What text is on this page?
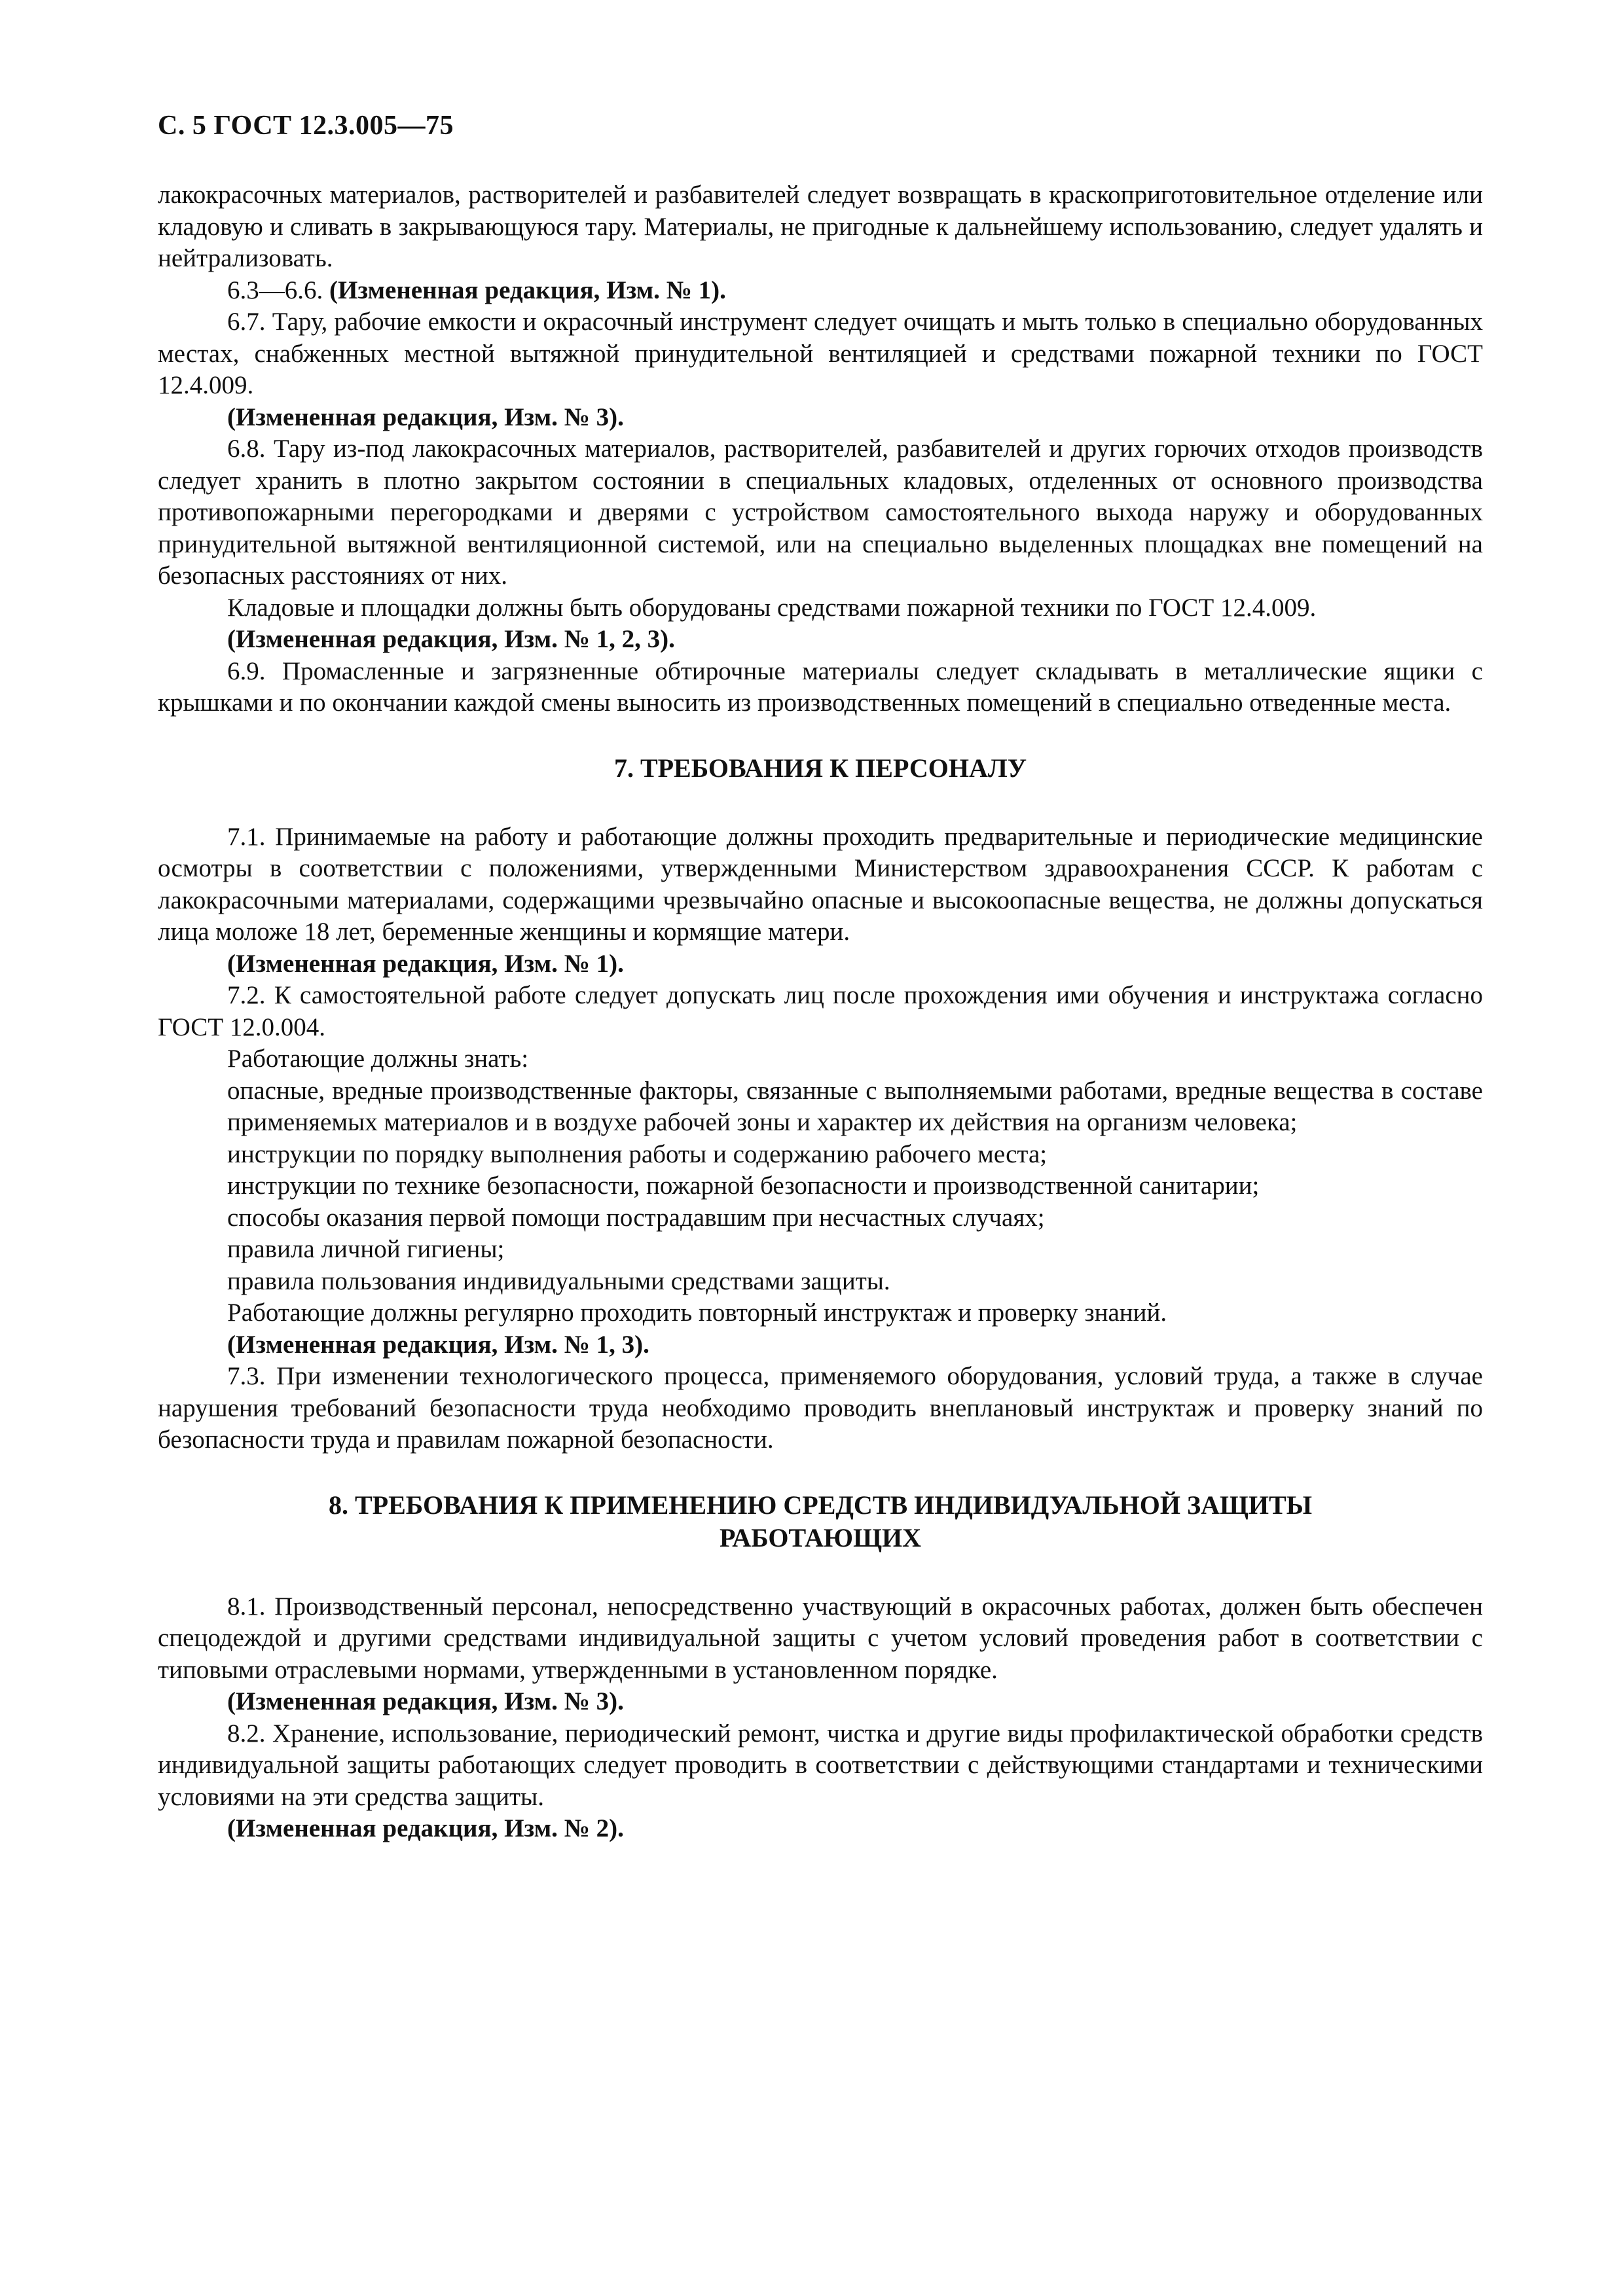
С. 5 ГОСТ 12.3.005—75

лакокрасочных материалов, растворителей и разбавителей следует возвращать в краскоприготовительное отделение или кладовую и сливать в закрывающуюся тару. Материалы, не пригодные к дальнейшему использованию, следует удалять и нейтрализовать.

6.3—6.6. (Измененная редакция, Изм. № 1).

6.7. Тару, рабочие емкости и окрасочный инструмент следует очищать и мыть только в специально оборудованных местах, снабженных местной вытяжной принудительной вентиляцией и средствами пожарной техники по ГОСТ 12.4.009.

(Измененная редакция, Изм. № 3).

6.8. Тару из-под лакокрасочных материалов, растворителей, разбавителей и других горючих отходов производств следует хранить в плотно закрытом состоянии в специальных кладовых, отделенных от основного производства противопожарными перегородками и дверями с устройством самостоятельного выхода наружу и оборудованных принудительной вытяжной вентиляционной системой, или на специально выделенных площадках вне помещений на безопасных расстояниях от них.

Кладовые и площадки должны быть оборудованы средствами пожарной техники по ГОСТ 12.4.009.

(Измененная редакция, Изм. № 1, 2, 3).

6.9. Промасленные и загрязненные обтирочные материалы следует складывать в металлические ящики с крышками и по окончании каждой смены выносить из производственных помещений в специально отведенные места.

7. ТРЕБОВАНИЯ К ПЕРСОНАЛУ

7.1. Принимаемые на работу и работающие должны проходить предварительные и периодические медицинские осмотры в соответствии с положениями, утвержденными Министерством здравоохранения СССР. К работам с лакокрасочными материалами, содержащими чрезвычайно опасные и высокоопасные вещества, не должны допускаться лица моложе 18 лет, беременные женщины и кормящие матери.

(Измененная редакция, Изм. № 1).

7.2. К самостоятельной работе следует допускать лиц после прохождения ими обучения и инструктажа согласно ГОСТ 12.0.004.

Работающие должны знать:

опасные, вредные производственные факторы, связанные с выполняемыми работами, вредные вещества в составе применяемых материалов и в воздухе рабочей зоны и характер их действия на организм человека;

инструкции по порядку выполнения работы и содержанию рабочего места;

инструкции по технике безопасности, пожарной безопасности и производственной санитарии;

способы оказания первой помощи пострадавшим при несчастных случаях;

правила личной гигиены;

правила пользования индивидуальными средствами защиты.

Работающие должны регулярно проходить повторный инструктаж и проверку знаний.

(Измененная редакция, Изм. № 1, 3).

7.3. При изменении технологического процесса, применяемого оборудования, условий труда, а также в случае нарушения требований безопасности труда необходимо проводить внеплановый инструктаж и проверку знаний по безопасности труда и правилам пожарной безопасности.

8. ТРЕБОВАНИЯ К ПРИМЕНЕНИЮ СРЕДСТВ ИНДИВИДУАЛЬНОЙ ЗАЩИТЫ
РАБОТАЮЩИХ

8.1. Производственный персонал, непосредственно участвующий в окрасочных работах, должен быть обеспечен спецодеждой и другими средствами индивидуальной защиты с учетом условий проведения работ в соответствии с типовыми отраслевыми нормами, утвержденными в установленном порядке.

(Измененная редакция, Изм. № 3).

8.2. Хранение, использование, периодический ремонт, чистка и другие виды профилактической обработки средств индивидуальной защиты работающих следует проводить в соответствии с действующими стандартами и техническими условиями на эти средства защиты.

(Измененная редакция, Изм. № 2).
